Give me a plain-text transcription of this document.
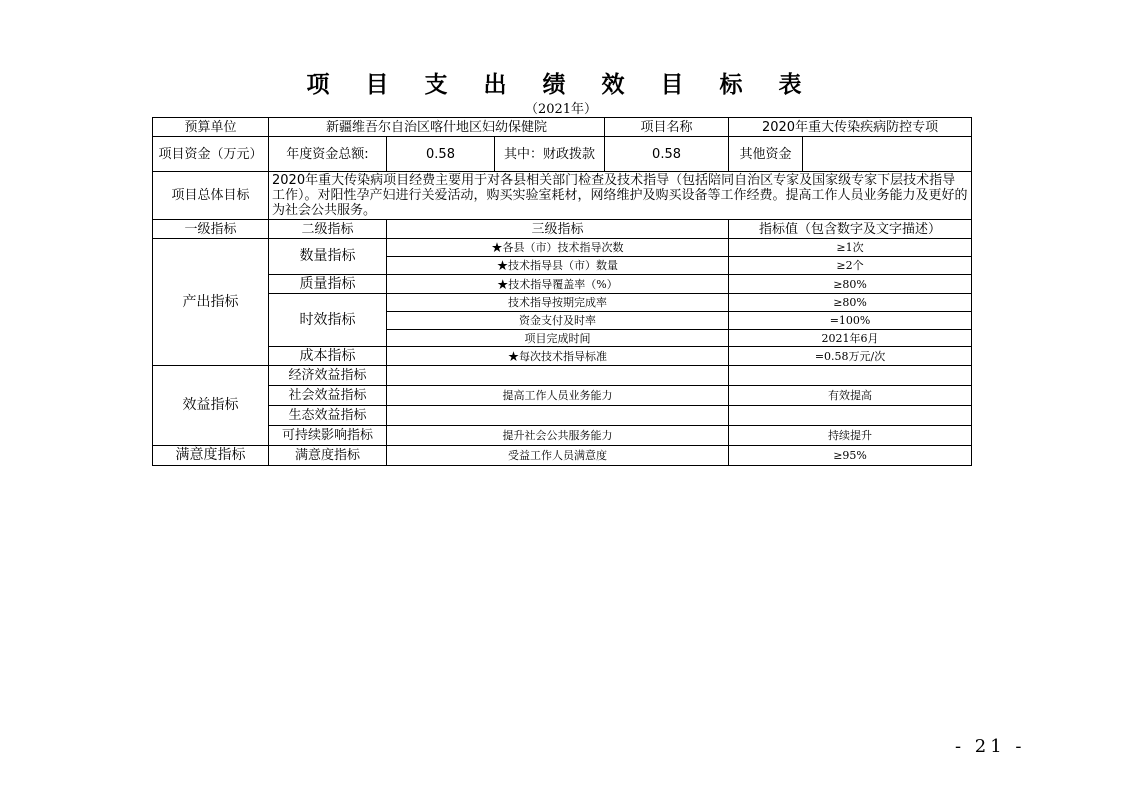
项 目 支 出 绩 效 目 标 表
（2021年）
预算单位	新疆维吾尔自治区喀什地区妇幼保健院			项目名称	2020年重大传染疾病防控专项	
项目资金（万元）	年度资金总额:	0.58	其中：财政拨款	0.58	其他资金	
项目总体目标	2020年重大传染病项目经费主要用于对各县相关部门检查及技术指导（包括陪同自治区专家及国家级专家下层技术指导工作）。对阳性孕产妇进行关爱活动，购买实验室耗材，网络维护及购买设备等工作经费。提高工作人员业务能力及更好的为社会公共服务。					
一级指标	二级指标	三级指标			指标值（包含数字及文字描述）	
产出指标	数量指标	★各县（市）技术指导次数			≥1次	
		★技术指导县（市）数量			≥2个	
	质量指标	★技术指导覆盖率（%）			≥80%	
	时效指标	技术指导按期完成率			≥80%	
		资金支付及时率			=100%	
		项目完成时间			2021年6月	
	成本指标	★每次技术指导标准			=0.58万元/次	

效益指标	经济效益指标					
	社会效益指标	提高工作人员业务能力			有效提高	
	生态效益指标					
	可持续影响指标	提升社会公共服务能力			持续提升	
满意度指标	满意度指标	受益工作人员满意度			≥95%	
- 21 -
